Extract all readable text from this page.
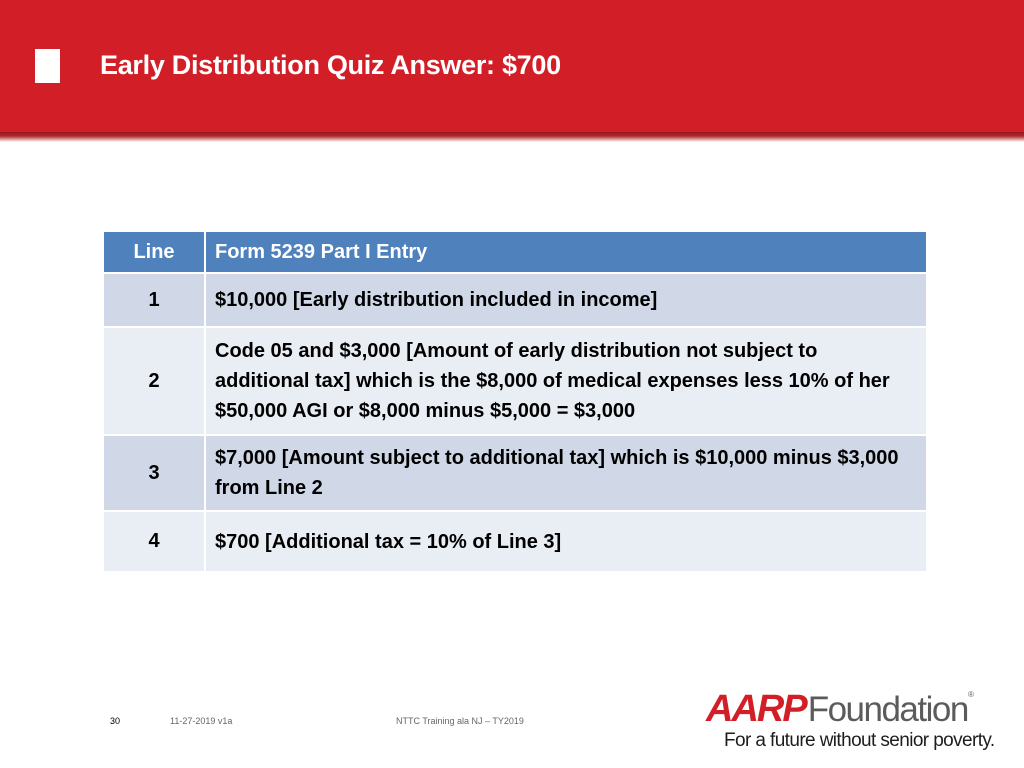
Early Distribution Quiz Answer: $700
Line	Form 5239 Part I Entry
1	$10,000 [Early distribution included in income]
2	Code 05 and $3,000 [Amount of early distribution not subject to additional tax] which is the $8,000 of medical expenses less 10% of her $50,000 AGI or $8,000 minus $5,000 = $3,000
3	$7,000 [Amount subject to additional tax] which is $10,000 minus $3,000 from Line 2
4	$700 [Additional tax = 10% of Line 3]
30	11-27-2019 v1a	NTTC Training ala NJ – TY2019	AARPFoundation ®
For a future without senior poverty.
